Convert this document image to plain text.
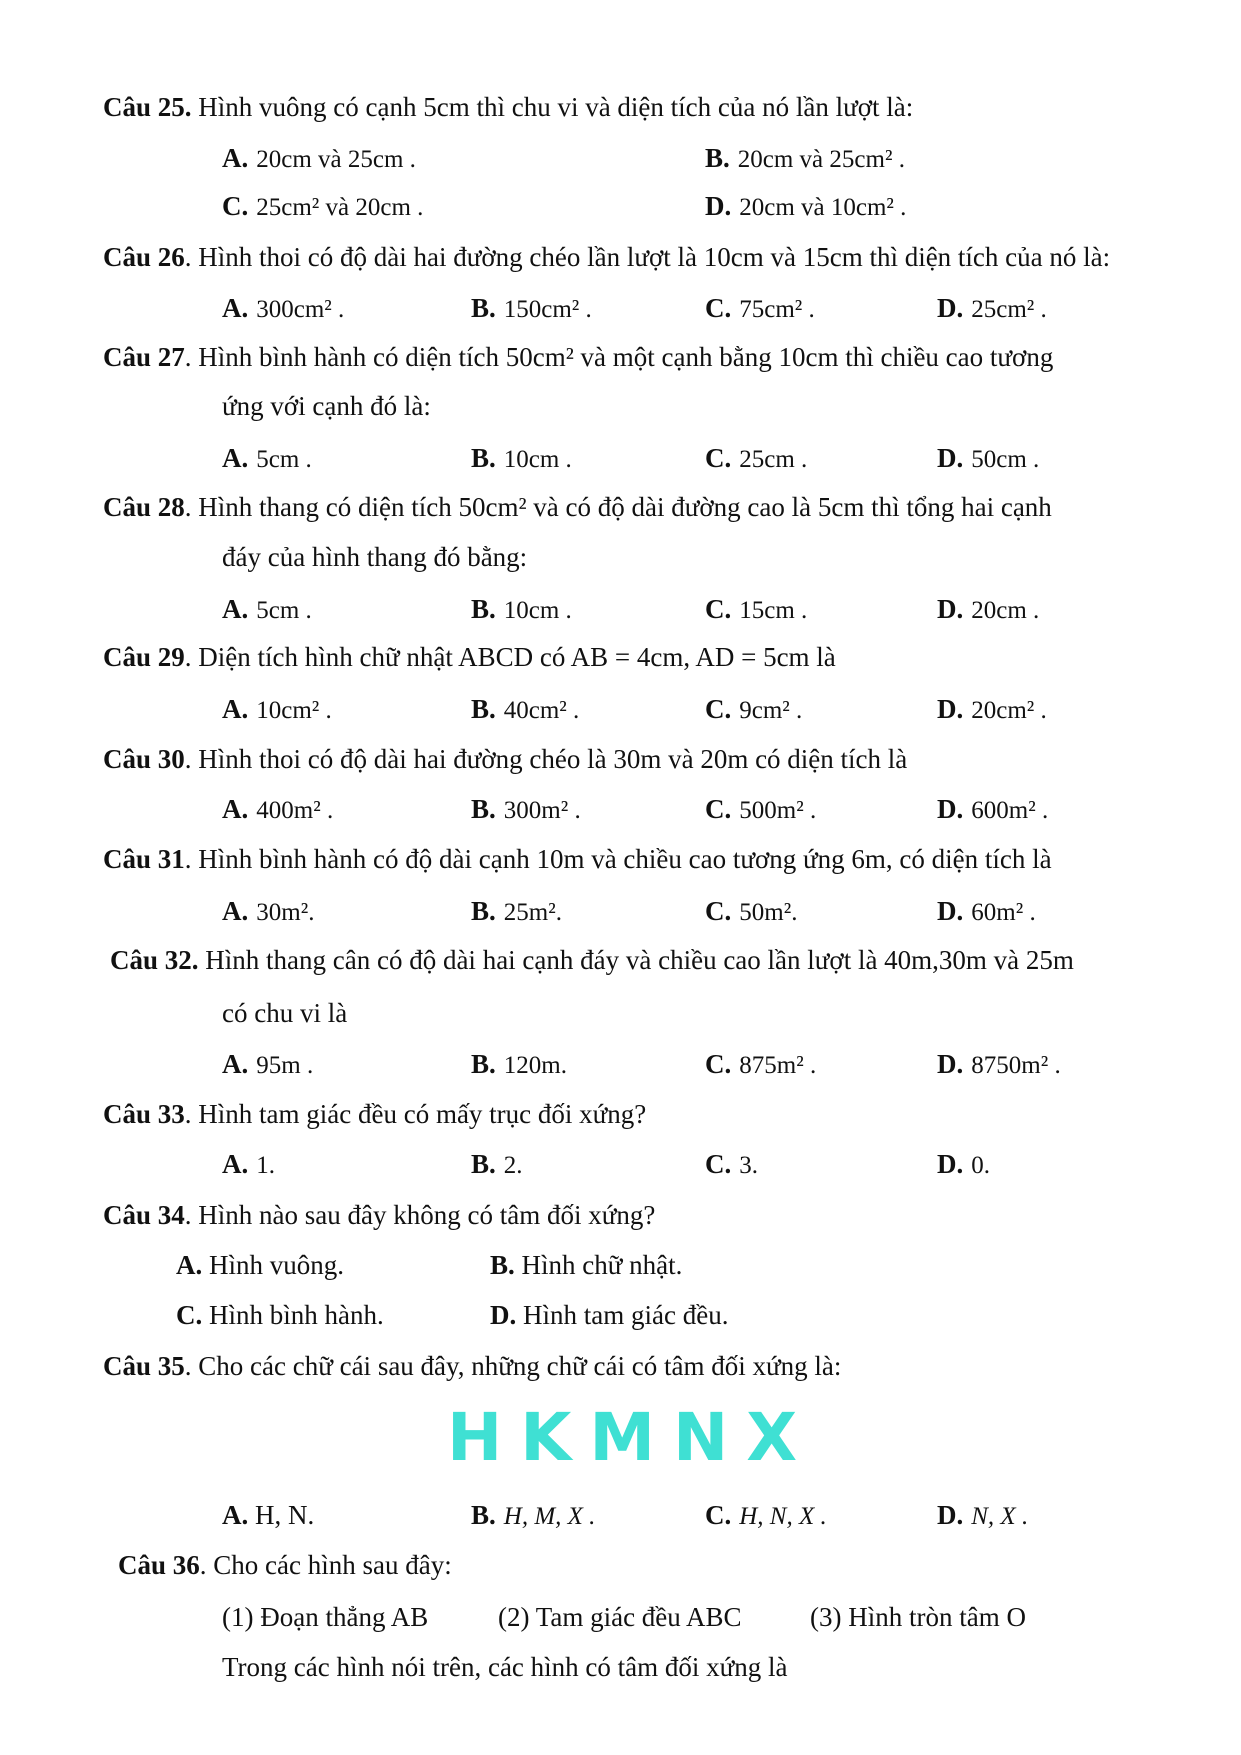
Câu 25. Hình vuông có cạnh 5cm thì chu vi và diện tích của nó lần lượt là:
A. 20cm và 25cm .	B. 20cm và 25cm² .
C. 25cm² và 20cm .	D. 20cm và 10cm² .
Câu 26. Hình thoi có độ dài hai đường chéo lần lượt là 10cm và 15cm thì diện tích của nó là:
A. 300cm² .	B. 150cm² .	C. 75cm² .	D. 25cm² .
Câu 27. Hình bình hành có diện tích 50cm² và một cạnh bằng 10cm thì chiều cao tương
ứng với cạnh đó là:
A. 5cm .	B. 10cm .	C. 25cm .	D. 50cm .
Câu 28. Hình thang có diện tích 50cm² và có độ dài đường cao là 5cm thì tổng hai cạnh
đáy của hình thang đó bằng:
A. 5cm .	B. 10cm .	C. 15cm .	D. 20cm .
Câu 29. Diện tích hình chữ nhật ABCD có AB = 4cm, AD = 5cm là
A. 10cm² .	B. 40cm² .	C. 9cm² .	D. 20cm² .
Câu 30. Hình thoi có độ dài hai đường chéo là 30m và 20m có diện tích là
A. 400m² .	B. 300m² .	C. 500m² .	D. 600m² .
Câu 31. Hình bình hành có độ dài cạnh 10m và chiều cao tương ứng 6m, có diện tích là
A. 30m².	B. 25m².	C. 50m².	D. 60m² .
Câu 32. Hình thang cân có độ dài hai cạnh đáy và chiều cao lần lượt là 40m,30m và 25m
có chu vi là
A. 95m .	B. 120m.	C. 875m² .	D. 8750m² .
Câu 33. Hình tam giác đều có mấy trục đối xứng?
A. 1.	B. 2.	C. 3.	D. 0.
Câu 34. Hình nào sau đây không có tâm đối xứng?
A. Hình vuông.	B. Hình chữ nhật.
C. Hình bình hành.	D. Hình tam giác đều.
Câu 35. Cho các chữ cái sau đây, những chữ cái có tâm đối xứng là:
HKMNX
A. H, N.	B. H, M, X .	C. H, N, X .	D. N, X .
Câu 36. Cho các hình sau đây:
(1) Đoạn thẳng AB	(2) Tam giác đều ABC	(3) Hình tròn tâm O
Trong các hình nói trên, các hình có tâm đối xứng là
